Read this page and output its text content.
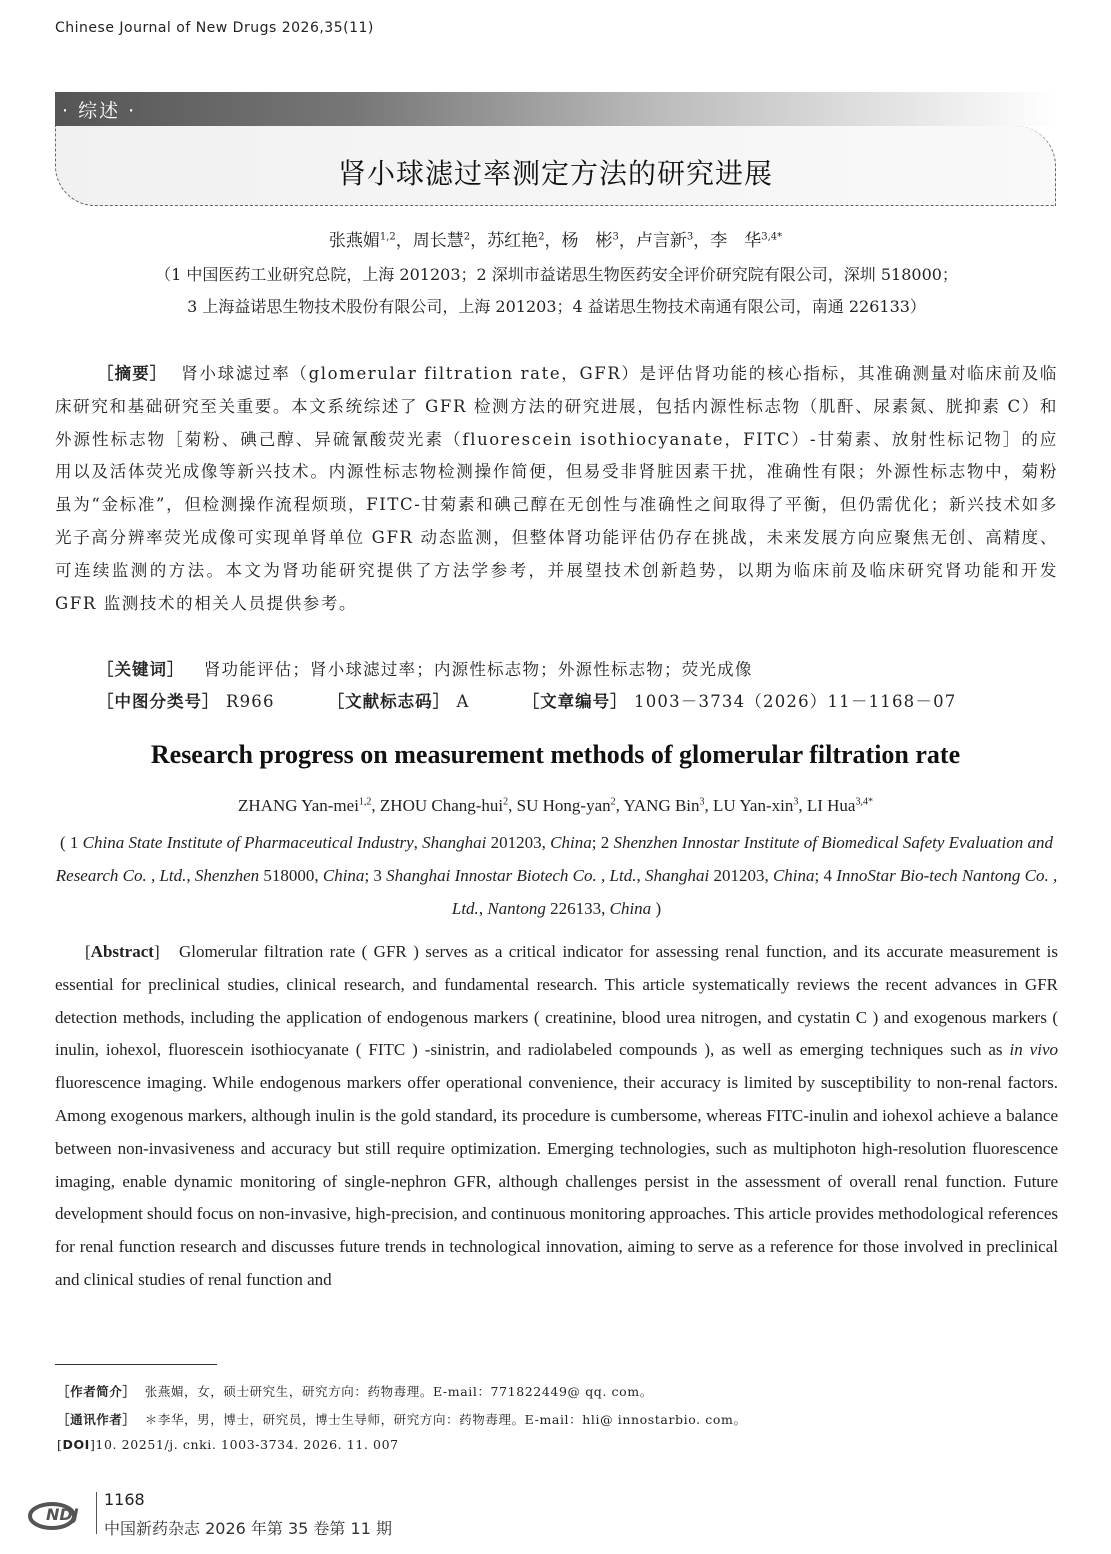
Chinese Journal of New Drugs 2026,35(11)
· 综述 ·
肾小球滤过率测定方法的研究进展
张燕媚$^{1,2}$，周长慧$^2$，苏红艳$^2$，杨　彬$^3$，卢言新$^3$，李　华$^{3,4*}$
（1 中国医药工业研究总院，上海 201203；2 深圳市益诺思生物医药安全评价研究院有限公司，深圳 518000；
3 上海益诺思生物技术股份有限公司，上海 201203；4 益诺思生物技术南通有限公司，南通 226133）
［摘要］ 肾小球滤过率（glomerular filtration rate，GFR）是评估肾功能的核心指标，其准确测量对临床前及临床研究和基础研究至关重要。本文系统综述了 GFR 检测方法的研究进展，包括内源性标志物（肌酐、尿素氮、胱抑素 C）和外源性标志物［菊粉、碘己醇、异硫氰酸荧光素（fluorescein isothiocyanate，FITC）-甘菊素、放射性标记物］的应用以及活体荧光成像等新兴技术。内源性标志物检测操作简便，但易受非肾脏因素干扰，准确性有限；外源性标志物中，菊粉虽为“金标准”，但检测操作流程烦琐，FITC-甘菊素和碘己醇在无创性与准确性之间取得了平衡，但仍需优化；新兴技术如多光子高分辨率荧光成像可实现单肾单位 GFR 动态监测，但整体肾功能评估仍存在挑战，未来发展方向应聚焦无创、高精度、可连续监测的方法。本文为肾功能研究提供了方法学参考，并展望技术创新趋势，以期为临床前及临床研究肾功能和开发 GFR 监测技术的相关人员提供参考。
［关键词］ 肾功能评估；肾小球滤过率；内源性标志物；外源性标志物；荧光成像
［中图分类号］ R966	［文献标志码］ A	［文章编号］ 1003－3734（2026）11－1168－07
Research progress on measurement methods of glomerular filtration rate
ZHANG Yan-mei$^{1,2}$, ZHOU Chang-hui$^2$, SU Hong-yan$^2$, YANG Bin$^3$, LU Yan-xin$^3$, LI Hua$^{3,4*}$
( 1 China State Institute of Pharmaceutical Industry, Shanghai 201203, China; 2 Shenzhen Innostar Institute of Biomedical Safety Evaluation and Research Co. , Ltd., Shenzhen 518000, China; 3 Shanghai Innostar Biotech Co. , Ltd., Shanghai 201203, China; 4 InnoStar Bio-tech Nantong Co. , Ltd., Nantong 226133, China )
[Abstract] Glomerular filtration rate ( GFR ) serves as a critical indicator for assessing renal function, and its accurate measurement is essential for preclinical studies, clinical research, and fundamental research. This article systematically reviews the recent advances in GFR detection methods, including the application of endogenous markers ( creatinine, blood urea nitrogen, and cystatin C ) and exogenous markers ( inulin, iohexol, fluorescein isothiocyanate ( FITC ) -sinistrin, and radiolabeled compounds ), as well as emerging techniques such as in vivo fluorescence imaging. While endogenous markers offer operational convenience, their accuracy is limited by susceptibility to non-renal factors. Among exogenous markers, although inulin is the gold standard, its procedure is cumbersome, whereas FITC-inulin and iohexol achieve a balance between non-invasiveness and accuracy but still require optimization. Emerging technologies, such as multiphoton high-resolution fluorescence imaging, enable dynamic monitoring of single-nephron GFR, although challenges persist in the assessment of overall renal function. Future development should focus on non-invasive, high-precision, and continuous monitoring approaches. This article provides methodological references for renal function research and discusses future trends in technological innovation, aiming to serve as a reference for those involved in preclinical and clinical studies of renal function and
［作者简介］ 张燕媚，女，硕士研究生，研究方向：药物毒理。E-mail：771822449@ qq. com。
［通讯作者］ ＊李华，男，博士，研究员，博士生导师，研究方向：药物毒理。E-mail：hli@ innostarbio. com。
[DOI]10. 20251/j. cnki. 1003-3734. 2026. 11. 007
NDJ
1168
中国新药杂志 2026 年第 35 卷第 11 期
